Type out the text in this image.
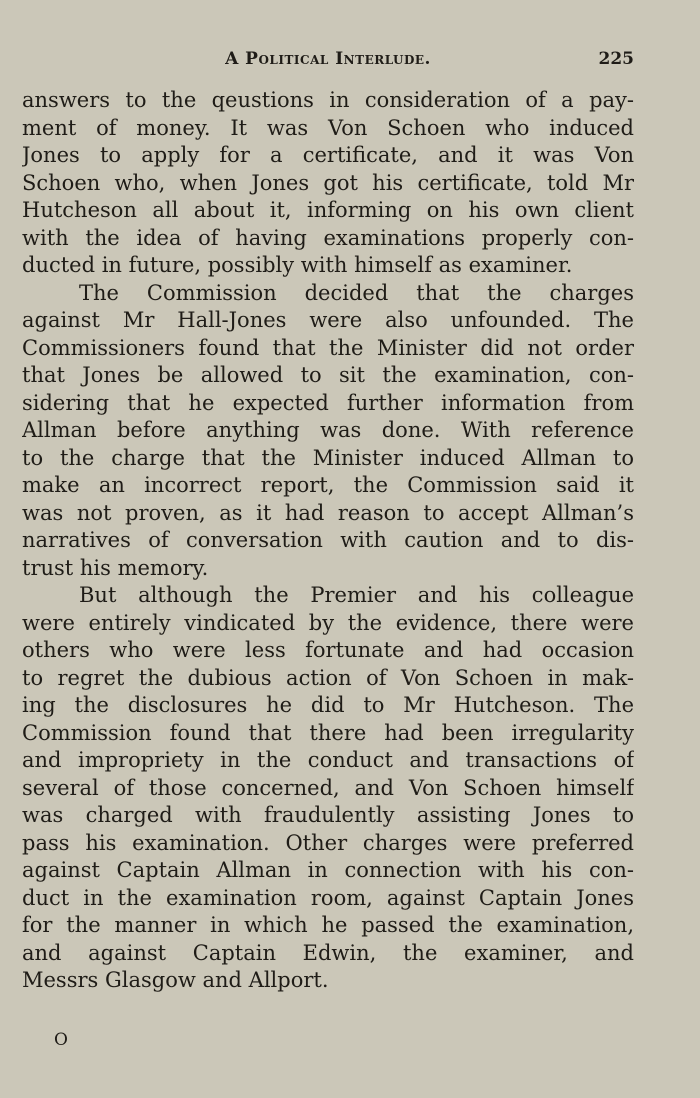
A Political Interlude.	225
answers to the qeustions in consideration of a pay-
ment of money. It was Von Schoen who induced
Jones to apply for a certificate, and it was Von
Schoen who, when Jones got his certificate, told Mr
Hutcheson all about it, informing on his own client
with the idea of having examinations properly con-
ducted in future, possibly with himself as examiner.
The Commission decided that the charges
against Mr Hall-Jones were also unfounded. The
Commissioners found that the Minister did not order
that Jones be allowed to sit the examination, con-
sidering that he expected further information from
Allman before anything was done. With reference
to the charge that the Minister induced Allman to
make an incorrect report, the Commission said it
was not proven, as it had reason to accept Allman’s
narratives of conversation with caution and to dis-
trust his memory.
But although the Premier and his colleague
were entirely vindicated by the evidence, there were
others who were less fortunate and had occasion
to regret the dubious action of Von Schoen in mak-
ing the disclosures he did to Mr Hutcheson. The
Commission found that there had been irregularity
and impropriety in the conduct and transactions of
several of those concerned, and Von Schoen himself
was charged with fraudulently assisting Jones to
pass his examination. Other charges were preferred
against Captain Allman in connection with his con-
duct in the examination room, against Captain Jones
for the manner in which he passed the examination,
and against Captain Edwin, the examiner, and
Messrs Glasgow and Allport.
O
